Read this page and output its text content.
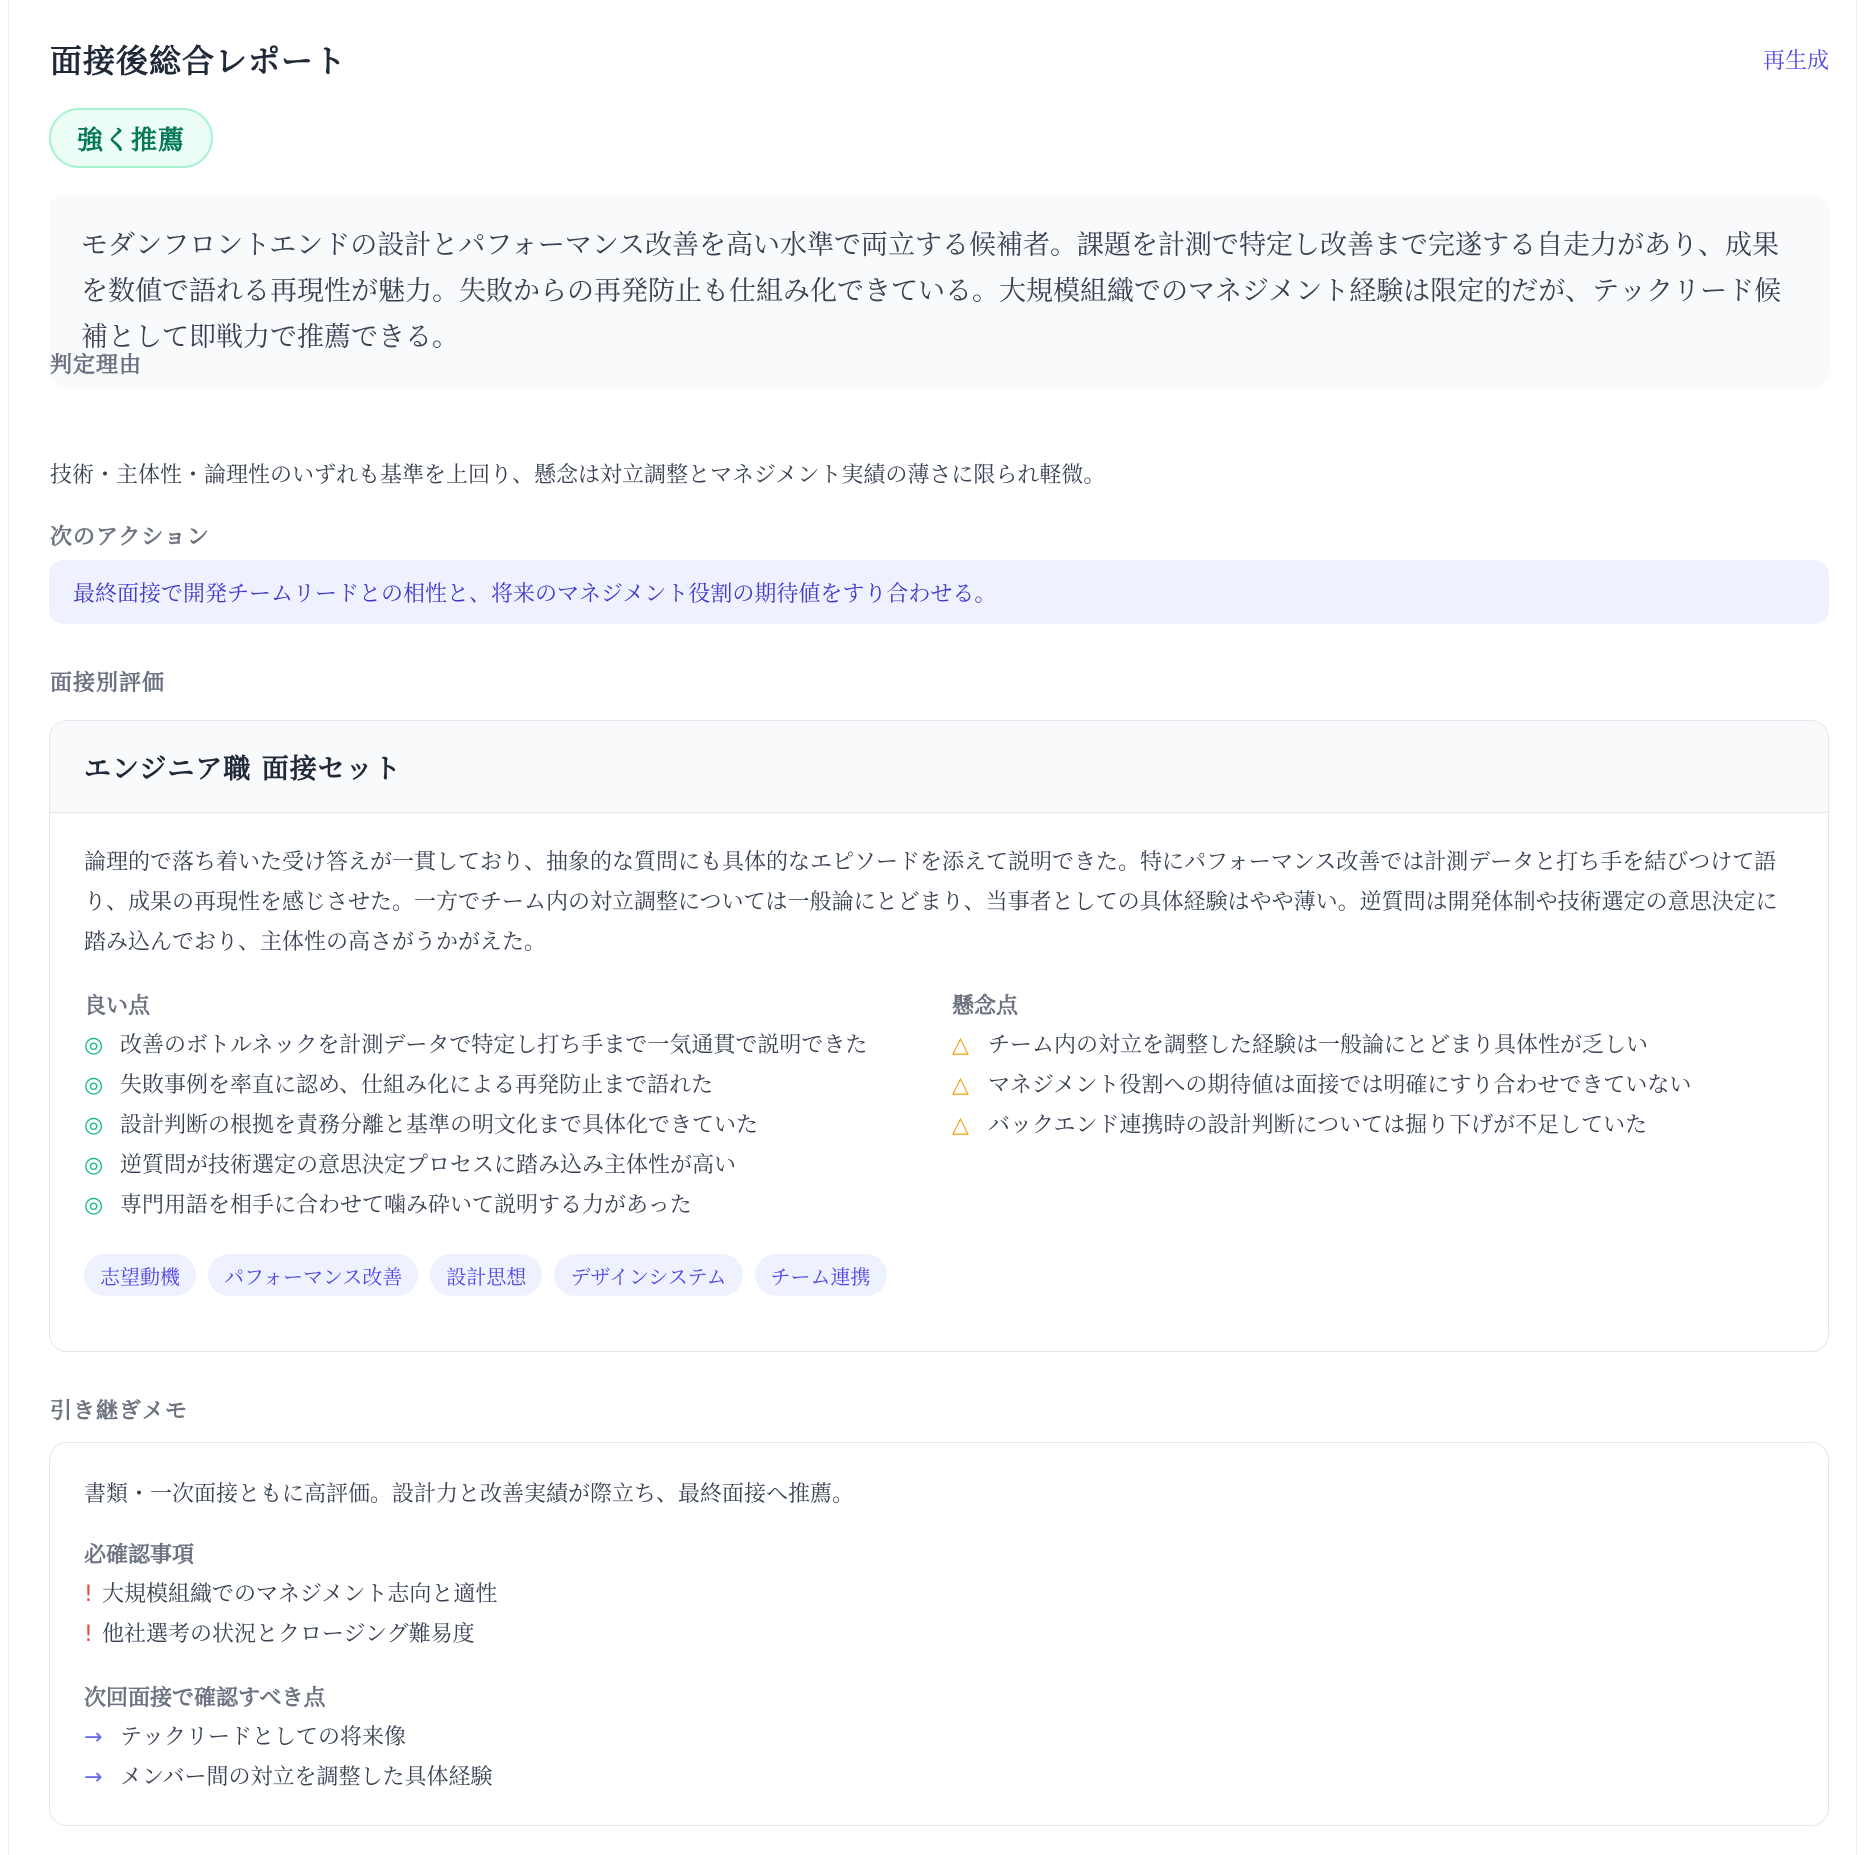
面接後総合レポート	再生成
強く推薦
モダンフロントエンドの設計とパフォーマンス改善を高い水準で両立する候補者。課題を計測で特定し改善まで完遂する自走力があり、成果を数値で語れる再現性が魅力。失敗からの再発防止も仕組み化できている。大規模組織でのマネジメント経験は限定的だが、テックリード候補として即戦力で推薦できる。
判定理由
技術・主体性・論理性のいずれも基準を上回り、懸念は対立調整とマネジメント実績の薄さに限られ軽微。
次のアクション
最終面接で開発チームリードとの相性と、将来のマネジメント役割の期待値をすり合わせる。
面接別評価
エンジニア職 面接セット

論理的で落ち着いた受け答えが一貫しており、抽象的な質問にも具体的なエピソードを添えて説明できた。特にパフォーマンス改善では計測データと打ち手を結びつけて語り、成果の再現性を感じさせた。一方でチーム内の対立調整については一般論にとどまり、当事者としての具体経験はやや薄い。逆質問は開発体制や技術選定の意思決定に踏み込んでおり、主体性の高さがうかがえた。

良い点
◎ 改善のボトルネックを計測データで特定し打ち手まで一気通貫で説明できた
◎ 失敗事例を率直に認め、仕組み化による再発防止まで語れた
◎ 設計判断の根拠を責務分離と基準の明文化まで具体化できていた
◎ 逆質問が技術選定の意思決定プロセスに踏み込み主体性が高い
◎ 専門用語を相手に合わせて噛み砕いて説明する力があった
懸念点
△ チーム内の対立を調整した経験は一般論にとどまり具体性が乏しい
△ マネジメント役割への期待値は面接では明確にすり合わせできていない
△ バックエンド連携時の設計判断については掘り下げが不足していた
志望動機	パフォーマンス改善	設計思想	デザインシステム	チーム連携
引き継ぎメモ

書類・一次面接ともに高評価。設計力と改善実績が際立ち、最終面接へ推薦。

必確認事項
! 大規模組織でのマネジメント志向と適性
! 他社選考の状況とクロージング難易度
次回面接で確認すべき点
→ テックリードとしての将来像
→ メンバー間の対立を調整した具体経験
